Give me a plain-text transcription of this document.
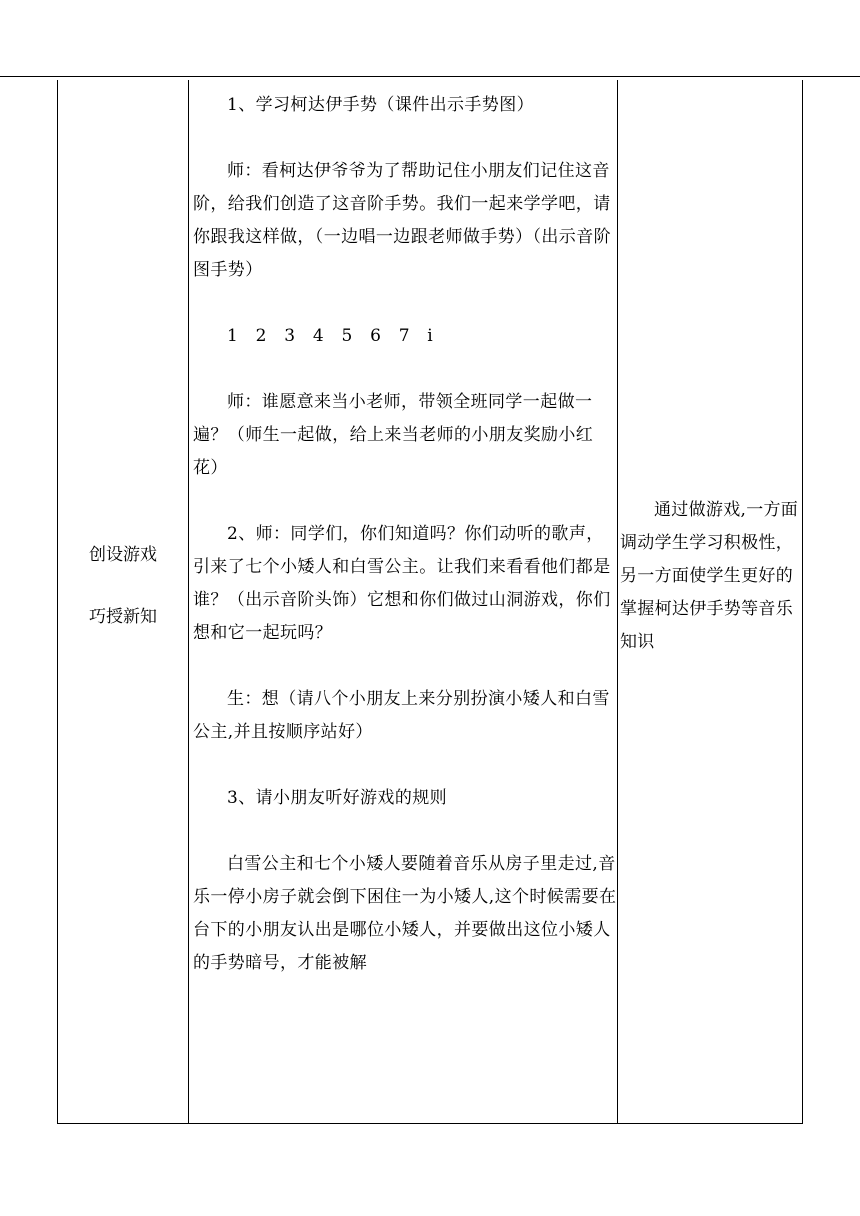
创设游戏
巧授新知

1、学习柯达伊手势（课件出示手势图）

师：看柯达伊爷爷为了帮助记住小朋友们记住这音阶，给我们创造了这音阶手势。我们一起来学学吧，请你跟我这样做，（一边唱一边跟老师做手势）（出示音阶图手势）

1　2　3　4　5　6　7　i

师：谁愿意来当小老师，带领全班同学一起做一遍？（师生一起做，给上来当老师的小朋友奖励小红花）

2、师：同学们，你们知道吗？你们动听的歌声，引来了七个小矮人和白雪公主。让我们来看看他们都是谁？（出示音阶头饰）它想和你们做过山洞游戏，你们想和它一起玩吗？

生：想（请八个小朋友上来分别扮演小矮人和白雪公主,并且按顺序站好）

3、请小朋友听好游戏的规则

白雪公主和七个小矮人要随着音乐从房子里走过,音乐一停小房子就会倒下困住一为小矮人,这个时候需要在台下的小朋友认出是哪位小矮人，并要做出这位小矮人的手势暗号，才能被解

通过做游戏,一方面调动学生学习积极性，另一方面使学生更好的掌握柯达伊手势等音乐知识
